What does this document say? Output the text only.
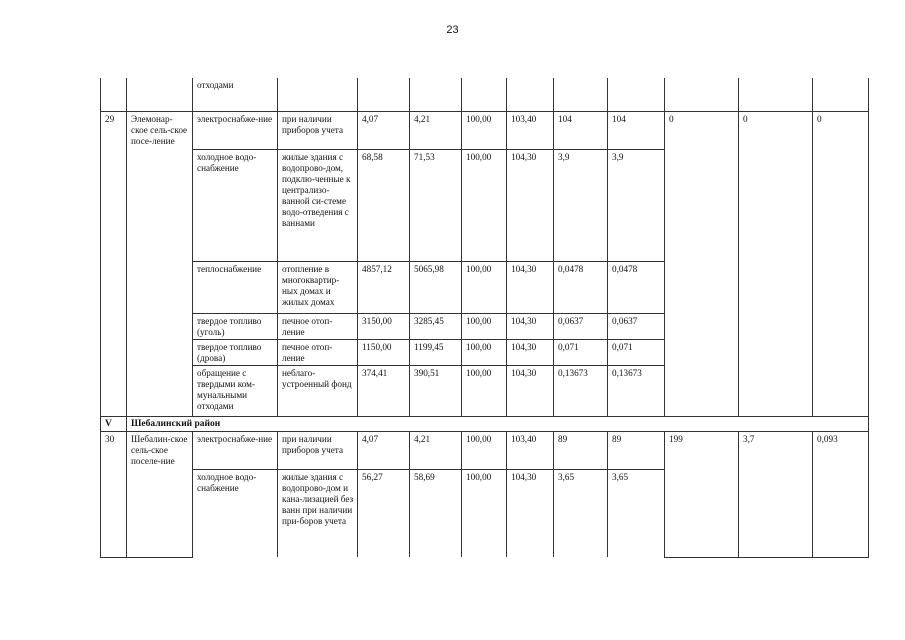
23
		отходами										
29	Элемонар-ское сель-ское посе-ление	электроснабже-ние	при наличии приборов учета	4,07	4,21	100,00	103,40	104	104	0	0	0
		холодное водо-снабжение	жилые здания с водопрово-дом, подклю-ченные к централизо-ванной си-стеме водо-отведения с ваннами	68,58	71,53	100,00	104,30	3,9	3,9			
		теплоснабжение	отопление в многоквартир-ных домах и жилых домах	4857,12	5065,98	100,00	104,30	0,0478	0,0478			
		твердое топливо (уголь)	печное отоп-ление	3150,00	3285,45	100,00	104,30	0,0637	0,0637			
		твердое топливо (дрова)	печное отоп-ление	1150,00	1199,45	100,00	104,30	0,071	0,071			
		обращение с твердыми ком-мунальными отходами	неблаго-устроенный фонд	374,41	390,51	100,00	104,30	0,13673	0,13673			
V	Шебалинский район											
30	Шебалин-ское сель-ское поселе-ние	электроснабже-ние	при наличии приборов учета	4,07	4,21	100,00	103,40	89	89	199	3,7	0,093
		холодное водо-снабжение	жилые здания с водопрово-дом и кана-лизацией без ванн при наличии при-боров учета	56,27	58,69	100,00	104,30	3,65	3,65			
